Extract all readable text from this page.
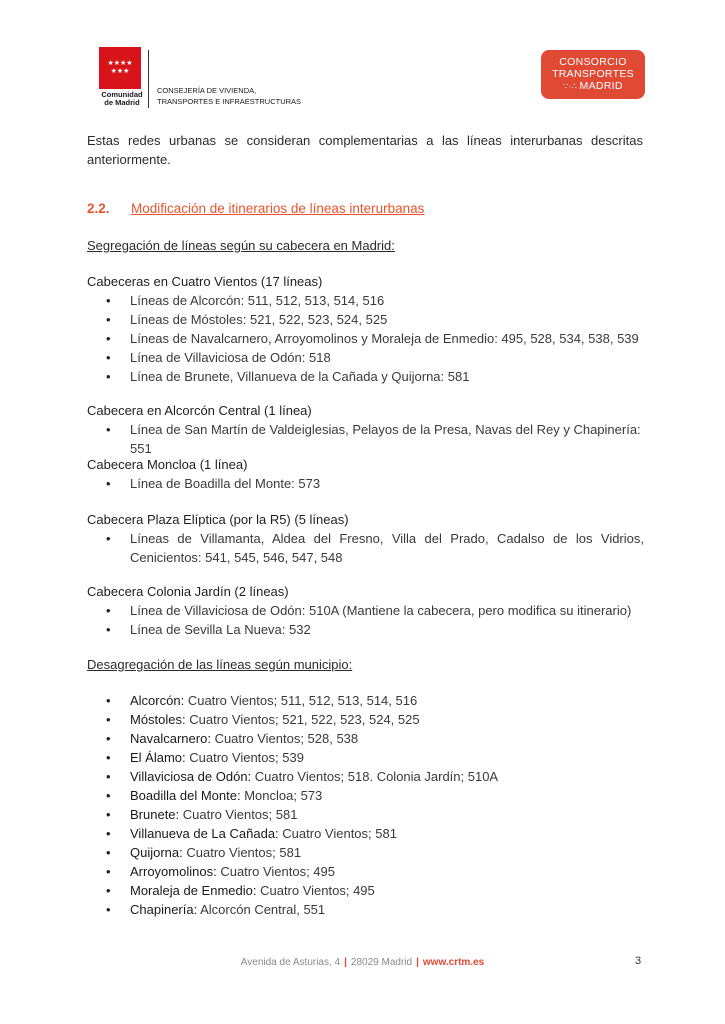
★★★★
★★★
Comunidad
de Madrid
CONSEJERÍA DE VIVIENDA,
TRANSPORTES E INFRAESTRUCTURAS
CONSORCIO
TRANSPORTES
∵·∴ MADRID
Estas redes urbanas se consideran complementarias a las líneas interurbanas descritas anteriormente.
2.2. Modificación de itinerarios de líneas interurbanas
Segregación de líneas según su cabecera en Madrid:
Cabeceras en Cuatro Vientos (17 líneas)
• Líneas de Alcorcón: 511, 512, 513, 514, 516
• Líneas de Móstoles: 521, 522, 523, 524, 525
• Líneas de Navalcarnero, Arroyomolinos y Moraleja de Enmedio: 495, 528, 534, 538, 539
• Línea de Villaviciosa de Odón: 518
• Línea de Brunete, Villanueva de la Cañada y Quijorna: 581
Cabecera en Alcorcón Central (1 línea)
• Línea de San Martín de Valdeiglesias, Pelayos de la Presa, Navas del Rey y Chapinería: 551
Cabecera Moncloa (1 línea)
• Línea de Boadilla del Monte: 573
Cabecera Plaza Elíptica (por la R5) (5 líneas)
• Líneas de Villamanta, Aldea del Fresno, Villa del Prado, Cadalso de los Vidrios, Cenicientos: 541, 545, 546, 547, 548
Cabecera Colonia Jardín (2 líneas)
• Línea de Villaviciosa de Odón: 510A (Mantiene la cabecera, pero modifica su itinerario)
• Línea de Sevilla La Nueva: 532
Desagregación de las líneas según municipio:
• Alcorcón: Cuatro Vientos; 511, 512, 513, 514, 516
• Móstoles: Cuatro Vientos; 521, 522, 523, 524, 525
• Navalcarnero: Cuatro Vientos; 528, 538
• El Álamo: Cuatro Vientos; 539
• Villaviciosa de Odón: Cuatro Vientos; 518. Colonia Jardín; 510A
• Boadilla del Monte: Moncloa; 573
• Brunete: Cuatro Vientos; 581
• Villanueva de La Cañada: Cuatro Vientos; 581
• Quijorna: Cuatro Vientos; 581
• Arroyomolinos: Cuatro Vientos; 495
• Moraleja de Enmedio: Cuatro Vientos; 495
• Chapinería: Alcorcón Central, 551
Avenida de Asturias, 4 | 28029 Madrid | www.crtm.es	3
